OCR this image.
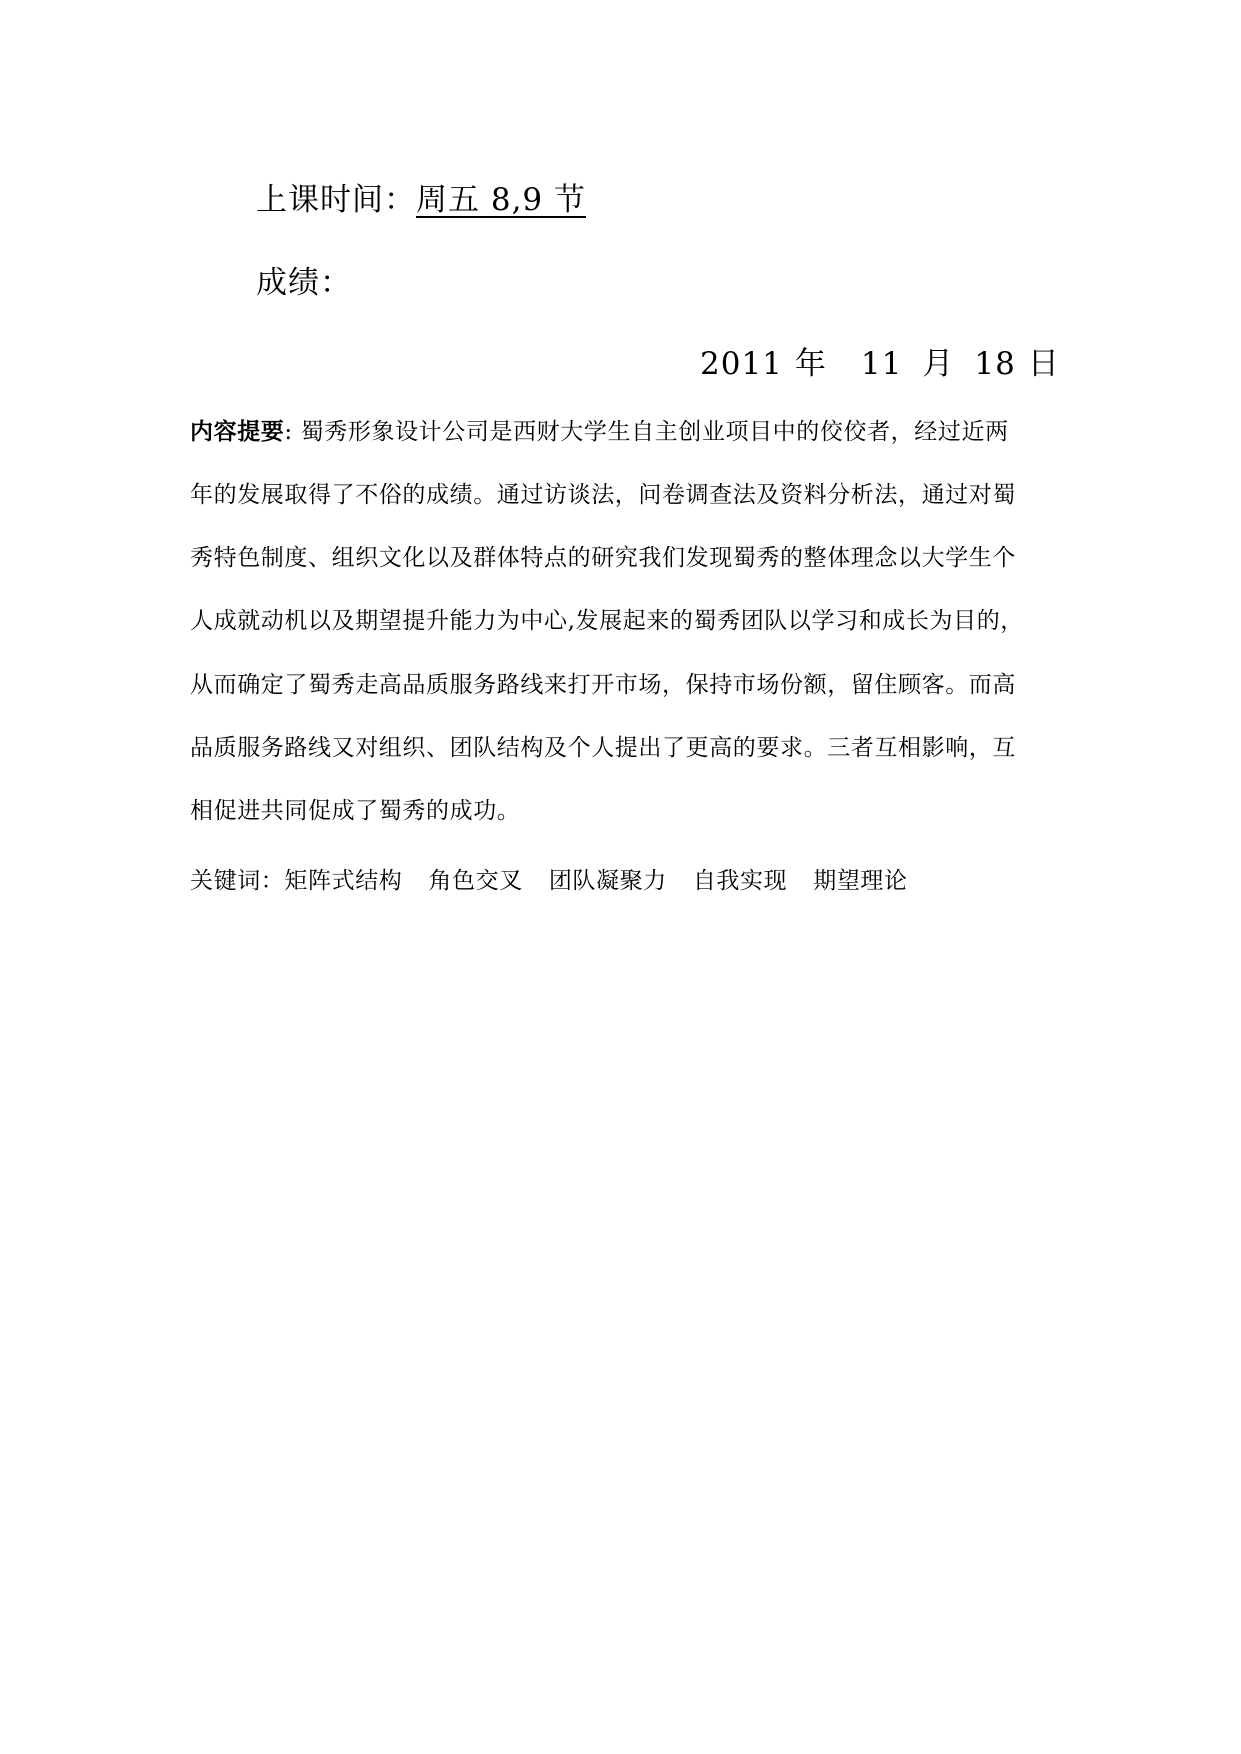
上课时间：周五 8,9 节
成绩：
2011 年 11 月 18 日
内容提要: 蜀秀形象设计公司是西财大学生自主创业项目中的佼佼者，经过近两
年的发展取得了不俗的成绩。通过访谈法，问卷调查法及资料分析法，通过对蜀
秀特色制度、组织文化以及群体特点的研究我们发现蜀秀的整体理念以大学生个
人成就动机以及期望提升能力为中心,发展起来的蜀秀团队以学习和成长为目的，
从而确定了蜀秀走高品质服务路线来打开市场，保持市场份额，留住顾客。而高
品质服务路线又对组织、团队结构及个人提出了更高的要求。三者互相影响，互
相促进共同促成了蜀秀的成功。
关键词：矩阵式结构 角色交叉 团队凝聚力 自我实现 期望理论
